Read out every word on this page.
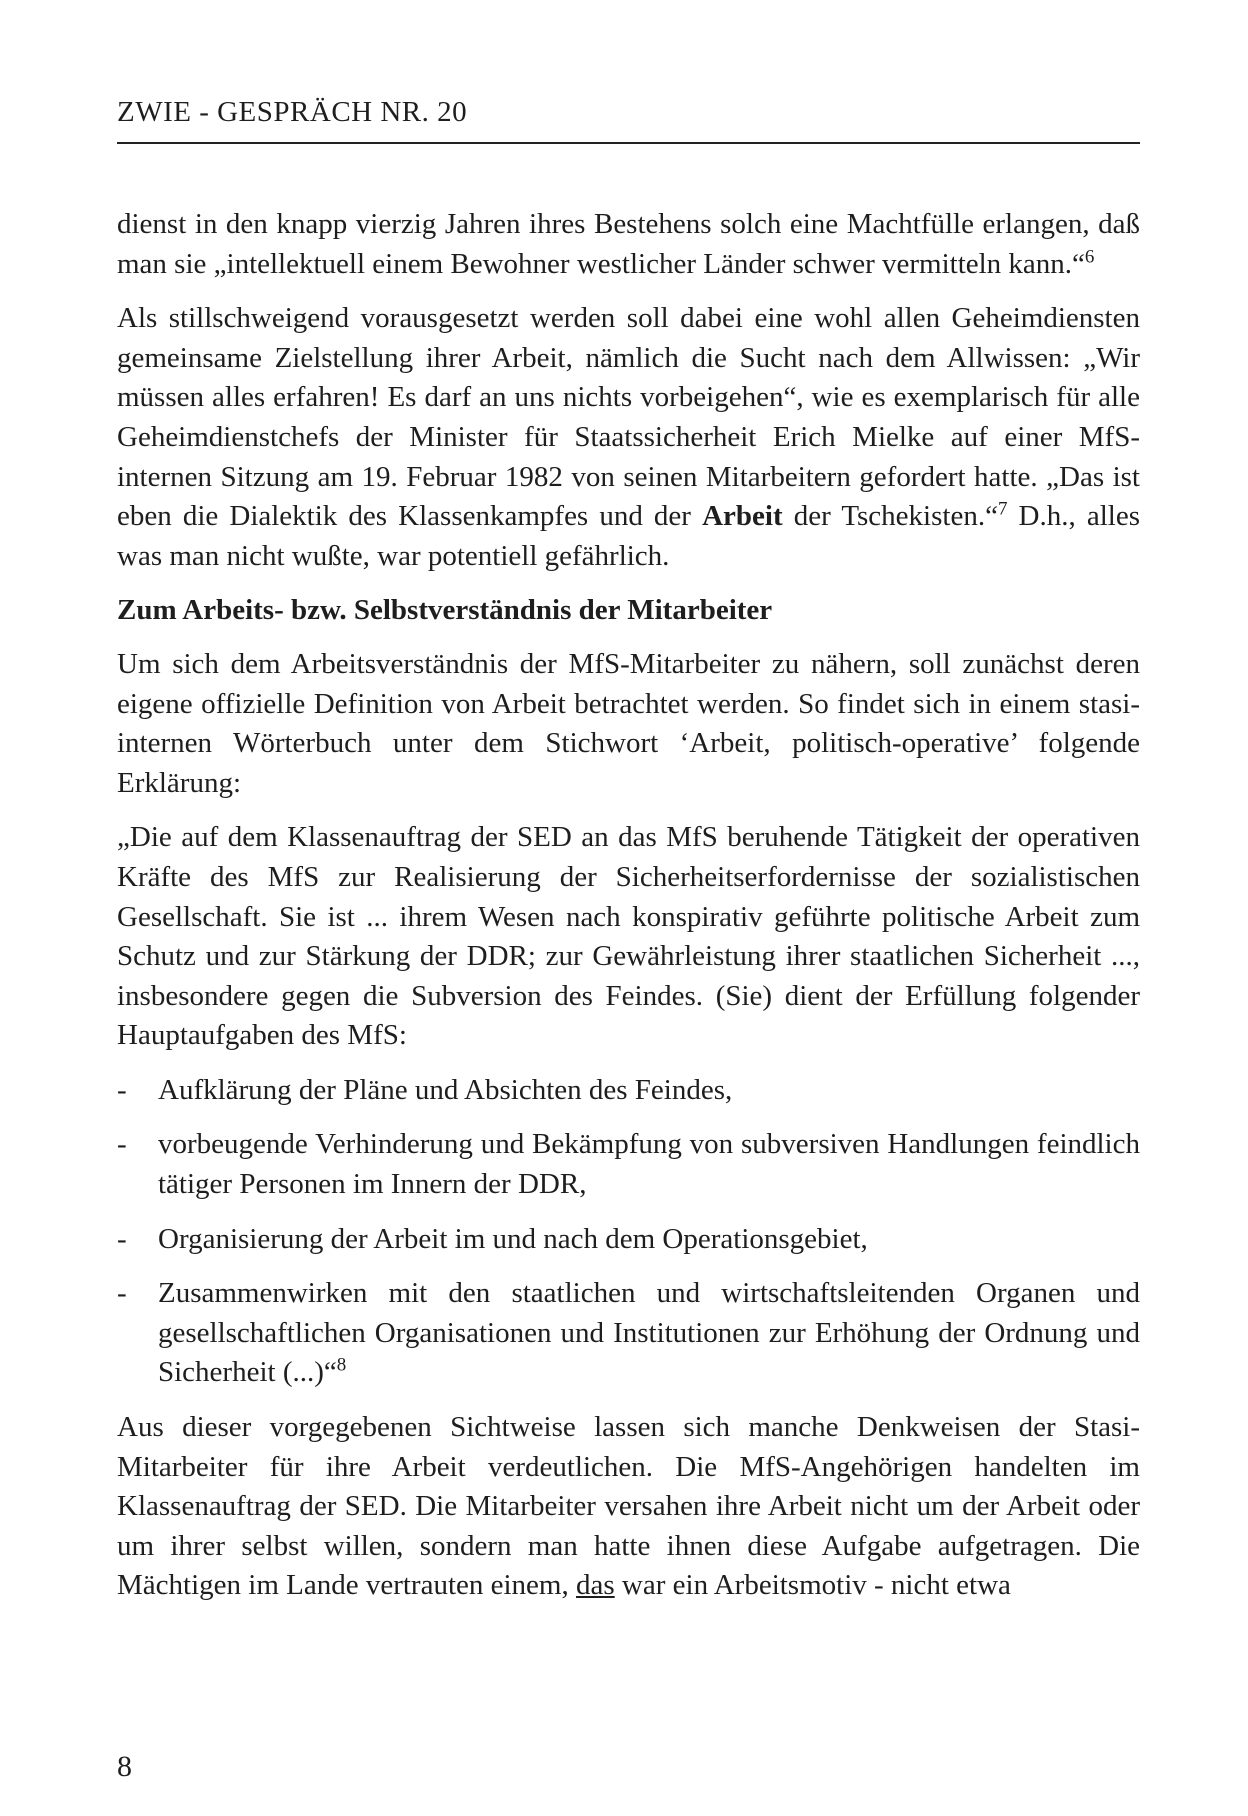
ZWIE - GESPRÄCH NR. 20

dienst in den knapp vierzig Jahren ihres Bestehens solch eine Machtfülle erlangen, daß man sie „intellektuell einem Bewohner westlicher Länder schwer vermitteln kann.“$^6$

Als stillschweigend vorausgesetzt werden soll dabei eine wohl allen Geheimdiensten gemeinsame Zielstellung ihrer Arbeit, nämlich die Sucht nach dem Allwissen: „Wir müssen alles erfahren! Es darf an uns nichts vorbeigehen“, wie es exemplarisch für alle Geheimdienstchefs der Minister für Staatssicherheit Erich Mielke auf einer MfS-internen Sitzung am 19. Februar 1982 von seinen Mitarbeitern gefordert hatte. „Das ist eben die Dialektik des Klassenkampfes und der Arbeit der Tschekisten.“$^7$ D.h., alles was man nicht wußte, war potentiell gefährlich.

Zum Arbeits- bzw. Selbstverständnis der Mitarbeiter

Um sich dem Arbeitsverständnis der MfS-Mitarbeiter zu nähern, soll zunächst deren eigene offizielle Definition von Arbeit betrachtet werden. So findet sich in einem stasi-internen Wörterbuch unter dem Stichwort ‘Arbeit, politisch-operative’ folgende Erklärung:

„Die auf dem Klassenauftrag der SED an das MfS beruhende Tätigkeit der operativen Kräfte des MfS zur Realisierung der Sicherheitserfordernisse der sozialistischen Gesellschaft. Sie ist ... ihrem Wesen nach konspirativ geführte politische Arbeit zum Schutz und zur Stärkung der DDR; zur Gewährleistung ihrer staatlichen Sicherheit ..., insbesondere gegen die Subversion des Feindes. (Sie) dient der Erfüllung folgender Hauptaufgaben des MfS:

- Aufklärung der Pläne und Absichten des Feindes,
- vorbeugende Verhinderung und Bekämpfung von subversiven Handlungen feindlich tätiger Personen im Innern der DDR,
- Organisierung der Arbeit im und nach dem Operationsgebiet,
- Zusammenwirken mit den staatlichen und wirtschaftsleitenden Organen und gesellschaftlichen Organisationen und Institutionen zur Erhöhung der Ordnung und Sicherheit (...)“$^8$

Aus dieser vorgegebenen Sichtweise lassen sich manche Denkweisen der Stasi-Mitarbeiter für ihre Arbeit verdeutlichen. Die MfS-Angehörigen handelten im Klassenauftrag der SED. Die Mitarbeiter versahen ihre Arbeit nicht um der Arbeit oder um ihrer selbst willen, sondern man hatte ihnen diese Aufgabe aufgetragen. Die Mächtigen im Lande vertrauten einem, das war ein Arbeitsmotiv - nicht etwa

8
